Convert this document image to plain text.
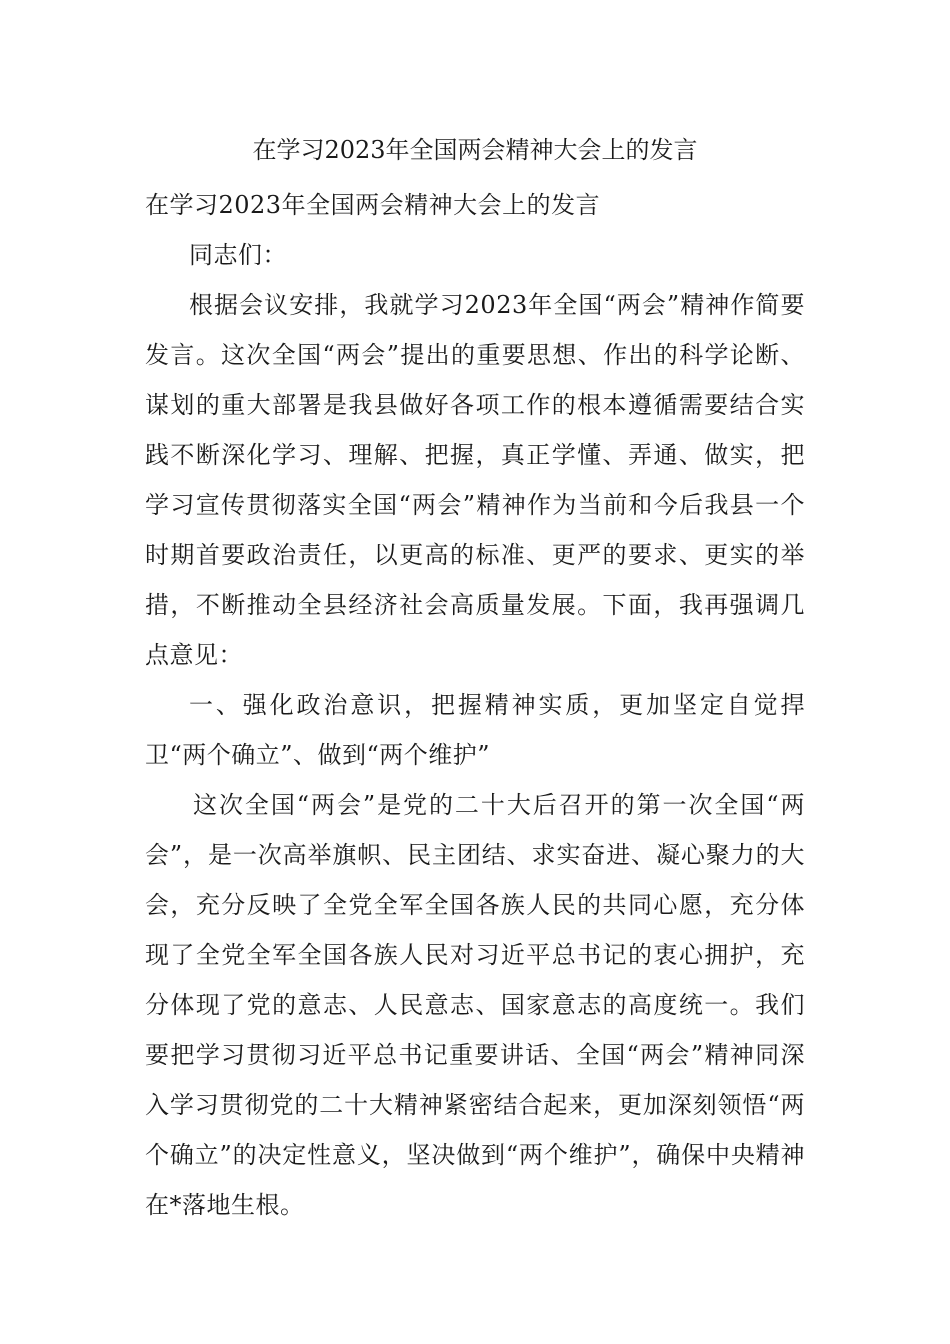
在学习2023年全国两会精神大会上的发言

在学习2023年全国两会精神大会上的发言

同志们：

根据会议安排，我就学习2023年全国“两会”精神作简要发言。这次全国“两会”提出的重要思想、作出的科学论断、谋划的重大部署是我县做好各项工作的根本遵循需要结合实践不断深化学习、理解、把握，真正学懂、弄通、做实，把学习宣传贯彻落实全国“两会”精神作为当前和今后我县一个时期首要政治责任，以更高的标准、更严的要求、更实的举措，不断推动全县经济社会高质量发展。下面，我再强调几点意见：

一、强化政治意识，把握精神实质，更加坚定自觉捍卫“两个确立”、做到“两个维护”

这次全国“两会”是党的二十大后召开的第一次全国“两会”，是一次高举旗帜、民主团结、求实奋进、凝心聚力的大会，充分反映了全党全军全国各族人民的共同心愿，充分体现了全党全军全国各族人民对习近平总书记的衷心拥护，充分体现了党的意志、人民意志、国家意志的高度统一。我们要把学习贯彻习近平总书记重要讲话、全国“两会”精神同深入学习贯彻党的二十大精神紧密结合起来，更加深刻领悟“两个确立”的决定性意义，坚决做到“两个维护”，确保中央精神在*落地生根。
